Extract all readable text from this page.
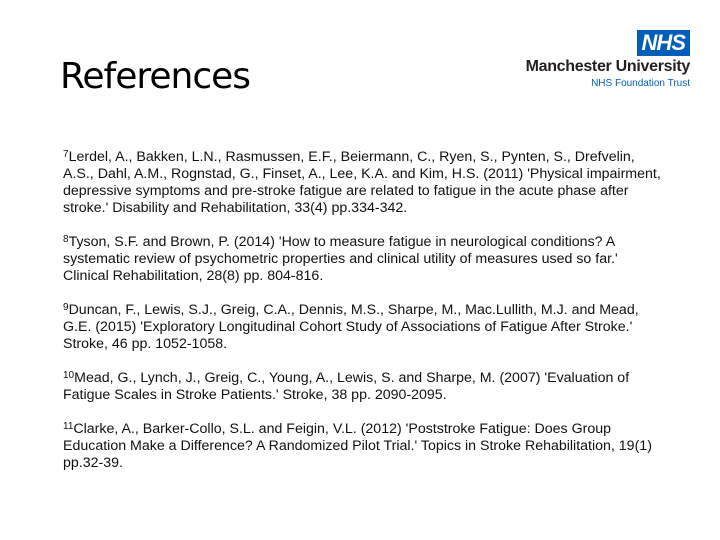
References
NHS
Manchester University
NHS Foundation Trust

$^7$Lerdel, A., Bakken, L.N., Rasmussen, E.F., Beiermann, C., Ryen, S., Pynten, S., Drefvelin, A.S., Dahl, A.M., Rognstad, G., Finset, A., Lee, K.A. and Kim, H.S. (2011) 'Physical impairment, depressive symptoms and pre-stroke fatigue are related to fatigue in the acute phase after stroke.' Disability and Rehabilitation, 33(4) pp.334-342.

$^8$Tyson, S.F. and Brown, P. (2014) 'How to measure fatigue in neurological conditions? A systematic review of psychometric properties and clinical utility of measures used so far.' Clinical Rehabilitation, 28(8) pp. 804-816.

$^9$Duncan, F., Lewis, S.J., Greig, C.A., Dennis, M.S., Sharpe, M., Mac.Lullith, M.J. and Mead, G.E. (2015) 'Exploratory Longitudinal Cohort Study of Associations of Fatigue After Stroke.' Stroke, 46 pp. 1052-1058.

$^{10}$Mead, G., Lynch, J., Greig, C., Young, A., Lewis, S. and Sharpe, M. (2007) 'Evaluation of Fatigue Scales in Stroke Patients.' Stroke, 38 pp. 2090-2095.

$^{11}$Clarke, A., Barker-Collo, S.L. and Feigin, V.L. (2012) 'Poststroke Fatigue: Does Group Education Make a Difference? A Randomized Pilot Trial.' Topics in Stroke Rehabilitation, 19(1) pp.32-39.
